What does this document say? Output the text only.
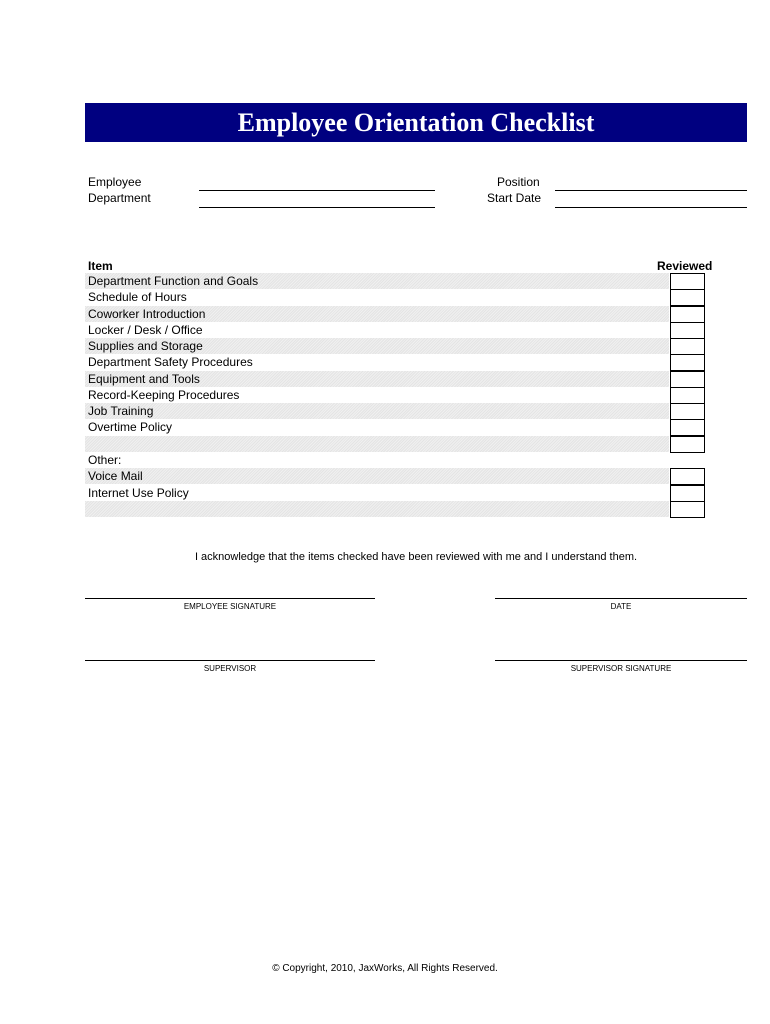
Employee Orientation Checklist
Employee
Department
Position
Start Date
Item	Reviewed
Department Function and Goals
Schedule of Hours
Coworker Introduction
Locker / Desk / Office
Supplies and Storage
Department Safety Procedures
Equipment and Tools
Record-Keeping Procedures
Job Training
Overtime Policy
Other:
Voice Mail
Internet Use Policy
I acknowledge that the items checked have been reviewed with me and I understand them.
EMPLOYEE SIGNATURE	DATE
SUPERVISOR	SUPERVISOR SIGNATURE
© Copyright, 2010, JaxWorks, All Rights Reserved.
